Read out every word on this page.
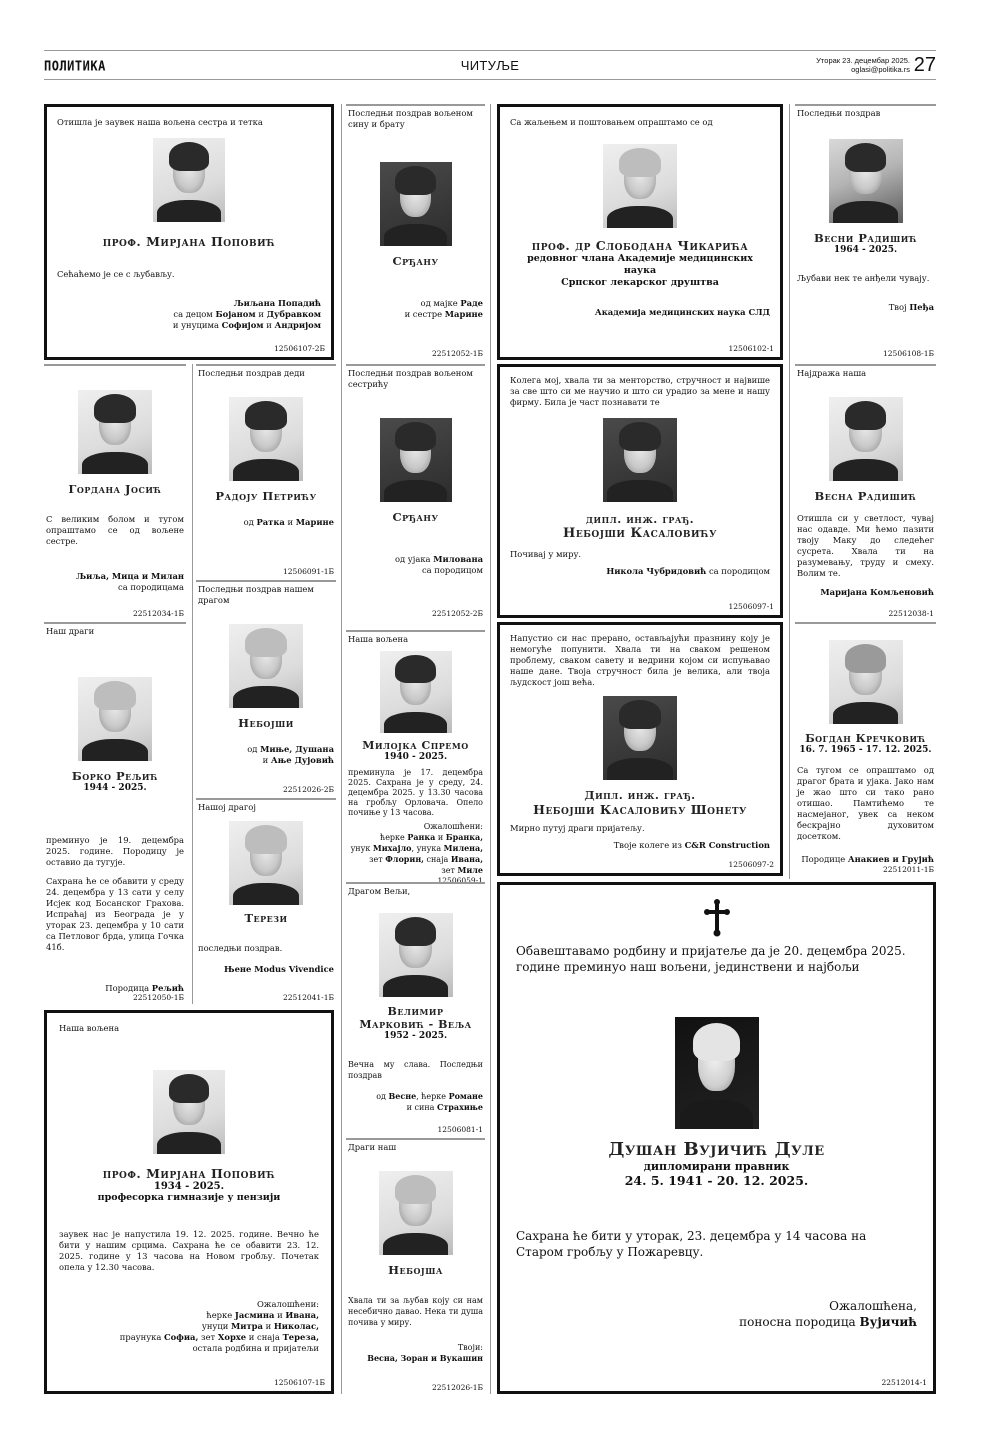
ПОЛИТИКА	ЧИТУЉЕ	Уторак 23. децембар 2025.
oglasi@politika.rs 27
Отишла је заувек наша вољена сестра и тетка
проф. Мирјана Поповић
Сећаћемо је се с љубављу.
Љиљана Попадић
са децом Бојаном и Дубравком
и унуцима Софијом и Андријом
12506107-2Б
Последњи поздрав вољеном сину и брату
Срђану
од мајке Раде
и сестре Марине
22512052-1Б
Последњи поздрав вољеном сестрићу
Срђану
од ујака Милована
са породицом
22512052-2Б
Са жаљењем и поштовањем опраштамо се од
проф. др Слободана Чикарића
редовног члана Академије медицинских наука
Српског лекарског друштва
Академија медицинских наука СЛД
12506102-1
Последњи поздрав
Весни Радишић
1964 - 2025.
Љубави нек те анђели чувају.
Твој Пеђа
12506108-1Б
Гордана Јосић
С великим болом и тугом опраштамо се од вољене сестре.
Љиља, Мица и Милан
са породицама
22512034-1Б
Последњи поздрав деди
Радоју Петрићу
од Ратка и Марине
12506091-1Б
Последњи поздрав нашем драгом
Небојши
од Миње, Душана
и Ање Дујовић
22512026-2Б
Колега мој, хвала ти за менторство, стручност и највише за све што си ме научио и што си урадио за мене и нашу фирму. Била је част познавати те
дипл. инж. грађ.
Небојши Касаловићу
Почивај у миру.
Никола Чубридовић са породицом
12506097-1
Најдража наша
Весна Радишић
Отишла си у светлост, чувај нас одавде. Ми ћемо пазити твоју Маку до следећег сусрета. Хвала ти на разумевању, труду и смеху. Волим те.
Маријана Комљеновић
22512038-1
Наш драги
Борко Рељић
1944 - 2025.
преминуо је 19. децембра 2025. године. Породицу је оставио да тугује.
Сахрана ће се обавити у среду 24. децембра у 13 сати у селу Исјек код Босанског Грахова. Испраћај из Београда је у уторак 23. децембра у 10 сати са Петловог брда, улица Гочка 41б.
Породица Рељић
22512050-1Б
Нашој драгој
Терези
последњи поздрав.
Њене Modus Vivendice
22512041-1Б
Наша вољена
Милојка Спремо
1940 - 2025.
преминула је 17. децембра 2025. Сахрана је у среду, 24. децембра 2025. у 13.30 часова на гробљу Орловача. Опело почиње у 13 часова.
Ожалошћени:
ћерке Ранка и Бранка,
унук Михајло, унука Милена,
зет Флорин, снаја Ивана,
зет Миле
12506059-1
Напустио си нас прерано, остављајући празнину коју је немогуће попунити. Хвала ти на сваком решеном проблему, сваком савету и ведрини којом си испуњавао наше дане. Твоја стручност била је велика, али твоја људскост још већа.
Дипл. инж. грађ.
Небојши Касаловићу Шонету
Мирно путуј драги пријатељу.
Твоје колеге из C&R Construction
12506097-2
Богдан Кречковић
16. 7. 1965 - 17. 12. 2025.
Са тугом се опраштамо од драгог брата и ујака. Јако нам је жао што си тако рано отишао. Памтићемо те насмејаног, увек са неком бескрајно духовитом досетком.
Породице Анакиев и Грујић
22512011-1Б
Драгом Вељи,
Велимир
Марковић - Веља
1952 - 2025.
Вечна му слава. Последњи поздрав
од Весне, ћерке Романе
и сина Страхиње
12506081-1
Наша вољена
проф. Мирјана Поповић
1934 - 2025.
професорка гимназије у пензији
заувек нас је напустила 19. 12. 2025. године. Вечно ће бити у нашим срцима. Сахрана ће се обавити 23. 12. 2025. године у 13 часова на Новом гробљу. Почетак опела у 12.30 часова.
Ожалошћени:
ћерке Јасмина и Ивана,
унуци Митра и Николас,
праунука Софиа, зет Хорхе и снаја Тереза,
остала родбина и пријатељи
12506107-1Б
Драги наш
Небојша
Хвала ти за љубав коју си нам несебично давао. Нека ти душа почива у миру.
Твоји:
Весна, Зоран и Вукашин
22512026-1Б
Обавештавамо родбину и пријатеље да је 20. децембра 2025. године преминуо наш вољени, јединствени и најбољи
Душан Вујичић Дуле
дипломирани правник
24. 5. 1941 - 20. 12. 2025.
Сахрана ће бити у уторак, 23. децембра у 14 часова на Старом гробљу у Пожаревцу.
Ожалошћена,
поносна породица Вујичић
22512014-1
